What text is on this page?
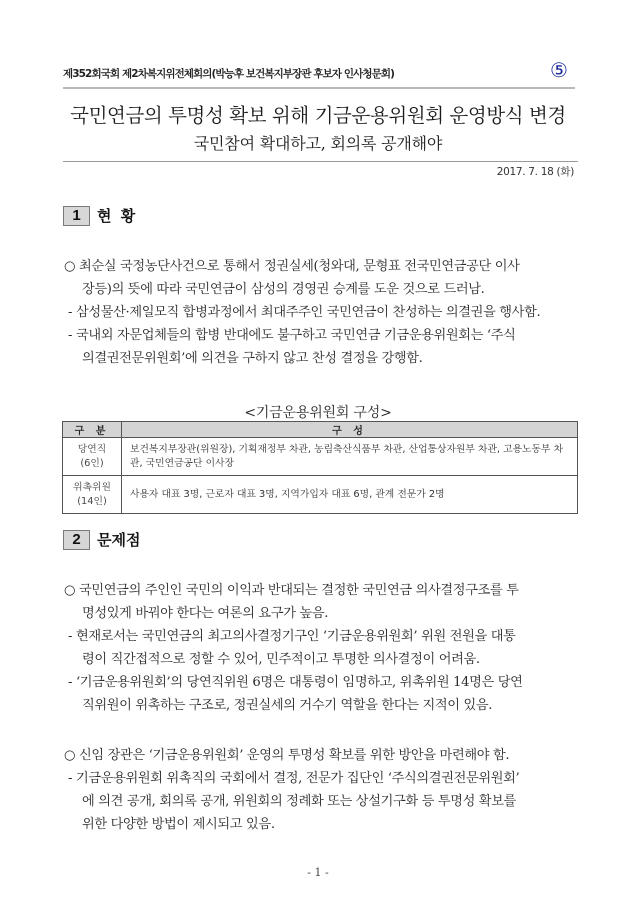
제352회국회 제2차복지위전체회의(박능후 보건복지부장관 후보자 인사청문회)	⑤
국민연금의 투명성 확보 위해 기금운용위원회 운영방식 변경
국민참여 확대하고, 회의록 공개해야
2017. 7. 18 (화)
1	현 황
○ 최순실 국정농단사건으로 통해서 정권실세(청와대, 문형표 전국민연금공단 이사
장등)의 뜻에 따라 국민연금이 삼성의 경영권 승계를 도운 것으로 드러남.
- 삼성물산·제일모직 합병과정에서 최대주주인 국민연금이 찬성하는 의결권을 행사함.
- 국내외 자문업체들의 합병 반대에도 불구하고 국민연금 기금운용위원회는 ‘주식
의결권전문위원회’에 의견을 구하지 않고 찬성 결정을 강행함.
<기금운용위원회 구성>
구 분	구 성

당연직
(6인)	보건복지부장관(위원장), 기획재정부 차관, 농림축산식품부 차관, 산업통상자원부 차관, 고용노동부 차관, 국민연금공단 이사장

위촉위원
(14인)	사용자 대표 3명, 근로자 대표 3명, 지역가입자 대표 6명, 관계 전문가 2명
2	문제점
○ 국민연금의 주인인 국민의 이익과 반대되는 결정한 국민연금 의사결정구조를 투
명성있게 바꿔야 한다는 여론의 요구가 높음.
- 현재로서는 국민연금의 최고의사결정기구인 ‘기금운용위원회’ 위원 전원을 대통
령이 직간접적으로 정할 수 있어, 민주적이고 투명한 의사결정이 어려움.
- ‘기금운용위원회’의 당연직위원 6명은 대통령이 임명하고, 위촉위원 14명은 당연
직위원이 위촉하는 구조로, 정권실세의 거수기 역할을 한다는 지적이 있음.
○ 신임 장관은 ‘기금운용위원회’ 운영의 투명성 확보를 위한 방안을 마련해야 함.
- 기금운용위원회 위촉직의 국회에서 결정, 전문가 집단인 ‘주식의결권전문위원회’
에 의견 공개, 회의록 공개, 위원회의 정례화 또는 상설기구화 등 투명성 확보를
위한 다양한 방법이 제시되고 있음.
- 1 -
